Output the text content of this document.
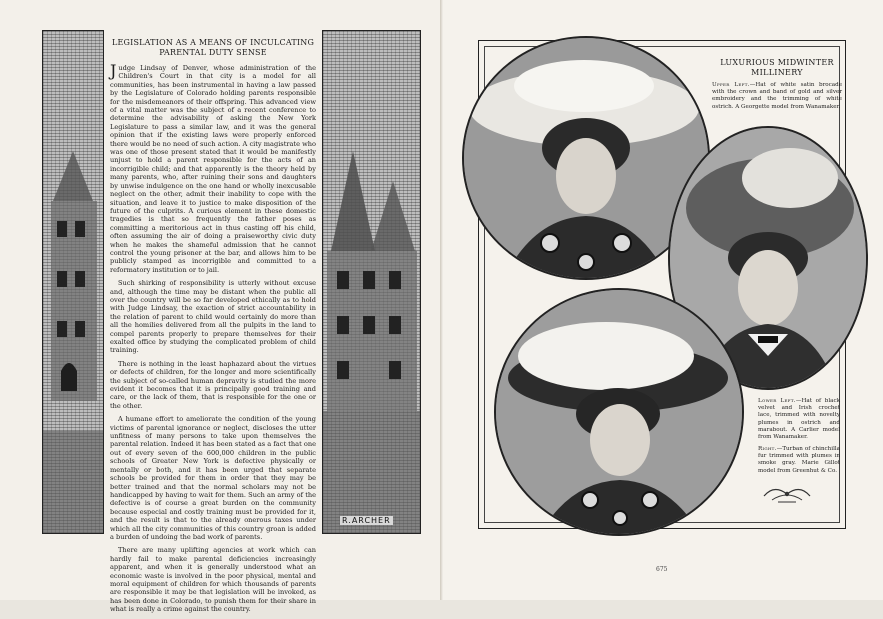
R.ARCHER
LEGISLATION AS A MEANS OF INCULCATING PARENTAL DUTY SENSE

Judge Lindsay of Denver, whose administration of the Children's Court in that city is a model for all communities, has been instrumental in having a law passed by the Legislature of Colorado holding parents responsible for the misdemeanors of their offspring. This advanced view of a vital matter was the subject of a recent conference to determine the advisability of asking the New York Legislature to pass a similar law, and it was the general opinion that if the existing laws were properly enforced there would be no need of such action. A city magistrate who was one of those present stated that it would be manifestly unjust to hold a parent responsible for the acts of an incorrigible child; and that apparently is the theory held by many parents, who, after ruining their sons and daughters by unwise indulgence on the one hand or wholly inexcusable neglect on the other, admit their inability to cope with the situation, and leave it to justice to make disposition of the future of the culprits. A curious element in these domestic tragedies is that so frequently the father poses as committing a meritorious act in thus casting off his child, often assuming the air of doing a praiseworthy civic duty when he makes the shameful admission that he cannot control the young prisoner at the bar, and allows him to be publicly stamped as incorrigible and committed to a reformatory institution or to jail.

Such shirking of responsibility is utterly without excuse and, although the time may be distant when the public all over the country will be so far developed ethically as to hold with Judge Lindsay, the exaction of strict accountability in the relation of parent to child would certainly do more than all the homilies delivered from all the pulpits in the land to compel parents properly to prepare themselves for their exalted office by studying the complicated problem of child training.

There is nothing in the least haphazard about the virtues or defects of children, for the longer and more scientifically the subject of so-called human depravity is studied the more evident it becomes that it is principally good training and care, or the lack of them, that is responsible for the one or the other.

A humane effort to ameliorate the condition of the young victims of parental ignorance or neglect, discloses the utter unfitness of many persons to take upon themselves the parental relation. Indeed it has been stated as a fact that one out of every seven of the 600,000 children in the public schools of Greater New York is defective physically or mentally or both, and it has been urged that separate schools be provided for them in order that they may be better trained and that the normal scholars may not be handicapped by having to wait for them. Such an army of the defective is of course a great burden on the community because especial and costly training must be provided for it, and the result is that to the already onerous taxes under which all the city communities of this country groan is added a burden of undoing the bad work of parents.

There are many uplifting agencies at work which can hardly fail to make parental deficiencies increasingly apparent, and when it is generally understood what an economic waste is involved in the poor physical, mental and moral equipment of children for which thousands of parents are responsible it may be that legislation will be invoked, as has been done in Colorado, to punish them for their share in what is really a crime against the country.

LUXURIOUS MIDWINTER MILLINERY
Upper Left.—Hat of white satin brocade with the crown and band of gold and silver embroidery and the trimming of white ostrich. A Georgette model from Wanamaker.
Lower Left.—Hat of black velvet and Irish crochet lace, trimmed with novelty plumes in ostrich and marabout. A Carlier model from Wanamaker.
Right.—Turban of chinchilla fur trimmed with plumes in smoke gray. Marie Gillot model from Greenhut & Co.
675
